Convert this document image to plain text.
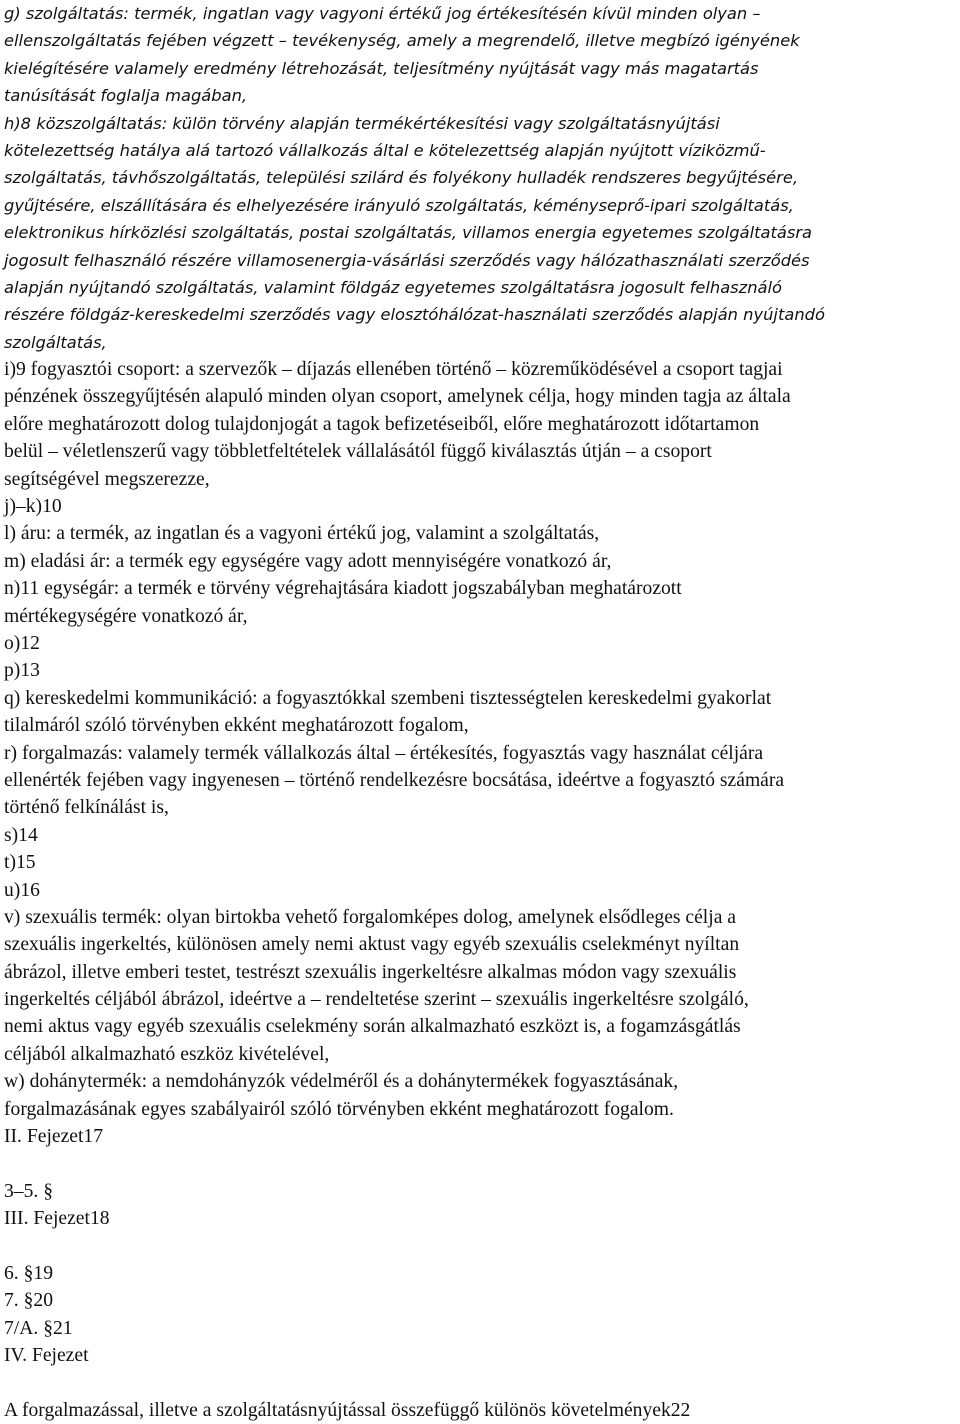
g) szolgáltatás: termék, ingatlan vagy vagyoni értékű jog értékesítésén kívül minden olyan –
ellenszolgáltatás fejében végzett – tevékenység, amely a megrendelő, illetve megbízó igényének
kielégítésére valamely eredmény létrehozását, teljesítmény nyújtását vagy más magatartás
tanúsítását foglalja magában,
h)8 közszolgáltatás: külön törvény alapján termékértékesítési vagy szolgáltatásnyújtási
kötelezettség hatálya alá tartozó vállalkozás által e kötelezettség alapján nyújtott víziközmű-
szolgáltatás, távhőszolgáltatás, települési szilárd és folyékony hulladék rendszeres begyűjtésére,
gyűjtésére, elszállítására és elhelyezésére irányuló szolgáltatás, kéményseprő-ipari szolgáltatás,
elektronikus hírközlési szolgáltatás, postai szolgáltatás, villamos energia egyetemes szolgáltatásra
jogosult felhasználó részére villamosenergia-vásárlási szerződés vagy hálózathasználati szerződés
alapján nyújtandó szolgáltatás, valamint földgáz egyetemes szolgáltatásra jogosult felhasználó
részére földgáz-kereskedelmi szerződés vagy elosztóhálózat-használati szerződés alapján nyújtandó
szolgáltatás,
i)9 fogyasztói csoport: a szervezők – díjazás ellenében történő – közreműködésével a csoport tagjai
pénzének összegyűjtésén alapuló minden olyan csoport, amelynek célja, hogy minden tagja az általa
előre meghatározott dolog tulajdonjogát a tagok befizetéseiből, előre meghatározott időtartamon
belül – véletlenszerű vagy többletfeltételek vállalásától függő kiválasztás útján – a csoport
segítségével megszerezze,
j)–k)10
l) áru: a termék, az ingatlan és a vagyoni értékű jog, valamint a szolgáltatás,
m) eladási ár: a termék egy egységére vagy adott mennyiségére vonatkozó ár,
n)11 egységár: a termék e törvény végrehajtására kiadott jogszabályban meghatározott
mértékegységére vonatkozó ár,
o)12
p)13
q) kereskedelmi kommunikáció: a fogyasztókkal szembeni tisztességtelen kereskedelmi gyakorlat
tilalmáról szóló törvényben ekként meghatározott fogalom,
r) forgalmazás: valamely termék vállalkozás által – értékesítés, fogyasztás vagy használat céljára
ellenérték fejében vagy ingyenesen – történő rendelkezésre bocsátása, ideértve a fogyasztó számára
történő felkínálást is,
s)14
t)15
u)16
v) szexuális termék: olyan birtokba vehető forgalomképes dolog, amelynek elsődleges célja a
szexuális ingerkeltés, különösen amely nemi aktust vagy egyéb szexuális cselekményt nyíltan
ábrázol, illetve emberi testet, testrészt szexuális ingerkeltésre alkalmas módon vagy szexuális
ingerkeltés céljából ábrázol, ideértve a – rendeltetése szerint – szexuális ingerkeltésre szolgáló,
nemi aktus vagy egyéb szexuális cselekmény során alkalmazható eszközt is, a fogamzásgátlás
céljából alkalmazható eszköz kivételével,
w) dohánytermék: a nemdohányzók védelméről és a dohánytermékek fogyasztásának,
forgalmazásának egyes szabályairól szóló törvényben ekként meghatározott fogalom.
II. Fejezet17
3–5. §
III. Fejezet18
6. §19
7. §20
7/A. §21
IV. Fejezet
A forgalmazással, illetve a szolgáltatásnyújtással összefüggő különös követelmények22
